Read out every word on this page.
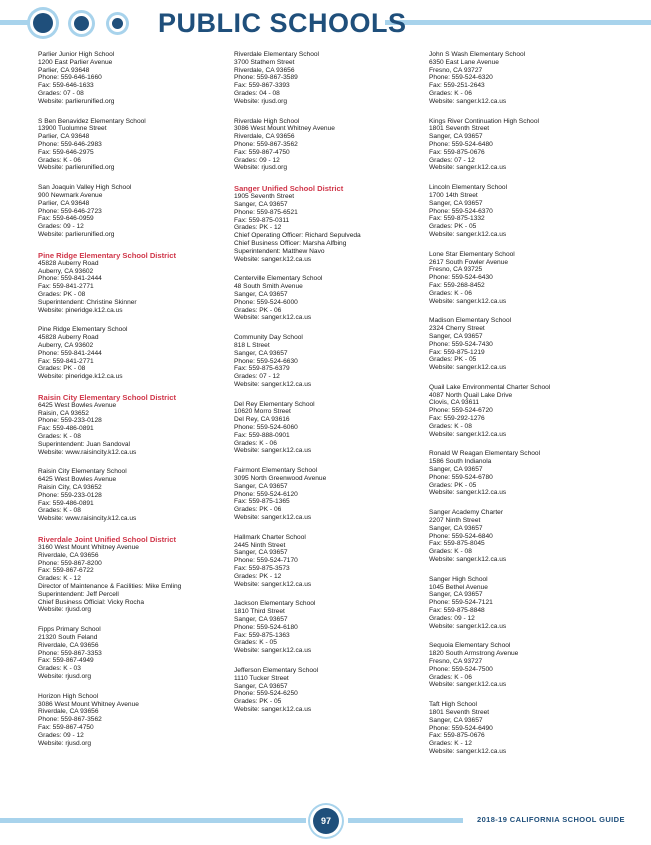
PUBLIC SCHOOLS
Parlier Junior High School
1200 East Parlier Avenue
Parlier, CA 93648
Phone: 559-646-1660
Fax: 559-646-1633
Grades: 07 - 08
Website: parlierunified.org
S Ben Benavidez Elementary School
13900 Tuolumne Street
Parlier, CA 93648
Phone: 559-646-2983
Fax: 559-646-2975
Grades: K - 06
Website: parlierunified.org
San Joaquin Valley High School
900 Newmark Avenue
Parlier, CA 93648
Phone: 559-646-2723
Fax: 559-646-0959
Grades: 09 - 12
Website: parlierunified.org
Pine Ridge Elementary School District
45828 Auberry Road
Auberry, CA 93602
Phone: 559-841-2444
Fax: 559-841-2771
Grades: PK - 08
Superintendent: Christine Skinner
Website: pineridge.k12.ca.us
Pine Ridge Elementary School
45828 Auberry Road
Auberry, CA 93602
Phone: 559-841-2444
Fax: 559-841-2771
Grades: PK - 08
Website: pineridge.k12.ca.us
Raisin City Elementary School District
6425 West Bowles Avenue
Raisin, CA 93652
Phone: 559-233-0128
Fax: 559-486-0891
Grades: K - 08
Superintendent: Juan Sandoval
Website: www.raisincity.k12.ca.us
Raisin City Elementary School
6425 West Bowles Avenue
Raisin City, CA 93652
Phone: 559-233-0128
Fax: 559-486-0891
Grades: K - 08
Website: www.raisincity.k12.ca.us
Riverdale Joint Unified School District
3160 West Mount Whitney Avenue
Riverdale, CA 93656
Phone: 559-867-8200
Fax: 559-867-6722
Grades: K - 12
Director of Maintenance & Facilities: Mike Emling
Superintendent: Jeff Percell
Chief Business Official: Vicky Rocha
Website: rjusd.org
Fipps Primary School
21320 South Feland
Riverdale, CA 93656
Phone: 559-867-3353
Fax: 559-867-4949
Grades: K - 03
Website: rjusd.org
Horizon High School
3086 West Mount Whitney Avenue
Riverdale, CA 93656
Phone: 559-867-3562
Fax: 559-867-4750
Grades: 09 - 12
Website: rjusd.org
Riverdale Elementary School
3700 Stathem Street
Riverdale, CA 93656
Phone: 559-867-3589
Fax: 559-867-3393
Grades: 04 - 08
Website: rjusd.org
Riverdale High School
3086 West Mount Whitney Avenue
Riverdale, CA 93656
Phone: 559-867-3562
Fax: 559-867-4750
Grades: 09 - 12
Website: rjusd.org
Sanger Unified School District
1905 Seventh Street
Sanger, CA 93657
Phone: 559-875-6521
Fax: 559-875-0311
Grades: PK - 12
Chief Operating Officer: Richard Sepulveda
Chief Business Officer: Marsha Alfbing
Superintendent: Matthew Navo
Website: sanger.k12.ca.us
Centerville Elementary School
48 South Smith Avenue
Sanger, CA 93657
Phone: 559-524-6000
Grades: PK - 06
Website: sanger.k12.ca.us
Community Day School
818 L Street
Sanger, CA 93657
Phone: 559-524-6630
Fax: 559-875-6379
Grades: 07 - 12
Website: sanger.k12.ca.us
Del Rey Elementary School
10620 Morro Street
Del Rey, CA 93616
Phone: 559-524-6060
Fax: 559-888-0901
Grades: K - 06
Website: sanger.k12.ca.us
Fairmont Elementary School
3095 North Greenwood Avenue
Sanger, CA 93657
Phone: 559-524-6120
Fax: 559-875-1365
Grades: PK - 06
Website: sanger.k12.ca.us
Hallmark Charter School
2445 Ninth Street
Sanger, CA 93657
Phone: 559-524-7170
Fax: 559-875-3573
Grades: PK - 12
Website: sanger.k12.ca.us
Jackson Elementary School
1810 Third Street
Sanger, CA 93657
Phone: 559-524-6180
Fax: 559-875-1363
Grades: K - 05
Website: sanger.k12.ca.us
Jefferson Elementary School
1110 Tucker Street
Sanger, CA 93657
Phone: 559-524-6250
Grades: PK - 05
Website: sanger.k12.ca.us
John S Wash Elementary School
6350 East Lane Avenue
Fresno, CA 93727
Phone: 559-524-6320
Fax: 559-251-2643
Grades: K - 06
Website: sanger.k12.ca.us
Kings River Continuation High School
1801 Seventh Street
Sanger, CA 93657
Phone: 559-524-6480
Fax: 559-875-0676
Grades: 07 - 12
Website: sanger.k12.ca.us
Lincoln Elementary School
1700 14th Street
Sanger, CA 93657
Phone: 559-524-6370
Fax: 559-875-1332
Grades: PK - 05
Website: sanger.k12.ca.us
Lone Star Elementary School
2617 South Fowler Avenue
Fresno, CA 93725
Phone: 559-524-6430
Fax: 559-268-8452
Grades: K - 06
Website: sanger.k12.ca.us
Madison Elementary School
2324 Cherry Street
Sanger, CA 93657
Phone: 559-524-7430
Fax: 559-875-1219
Grades: PK - 05
Website: sanger.k12.ca.us
Quail Lake Environmental Charter School
4087 North Quail Lake Drive
Clovis, CA 93611
Phone: 559-524-6720
Fax: 559-292-1276
Grades: K - 08
Website: sanger.k12.ca.us
Ronald W Reagan Elementary School
1586 South Indianola
Sanger, CA 93657
Phone: 559-524-6780
Grades: PK - 05
Website: sanger.k12.ca.us
Sanger Academy Charter
2207 Ninth Street
Sanger, CA 93657
Phone: 559-524-6840
Fax: 559-875-8045
Grades: K - 08
Website: sanger.k12.ca.us
Sanger High School
1045 Bethel Avenue
Sanger, CA 93657
Phone: 559-524-7121
Fax: 559-875-8848
Grades: 09 - 12
Website: sanger.k12.ca.us
Sequoia Elementary School
1820 South Armstrong Avenue
Fresno, CA 93727
Phone: 559-524-7500
Grades: K - 06
Website: sanger.k12.ca.us
Taft High School
1801 Seventh Street
Sanger, CA 93657
Phone: 559-524-6490
Fax: 559-875-0676
Grades: K - 12
Website: sanger.k12.ca.us
97	2018-19 CALIFORNIA SCHOOL GUIDE
